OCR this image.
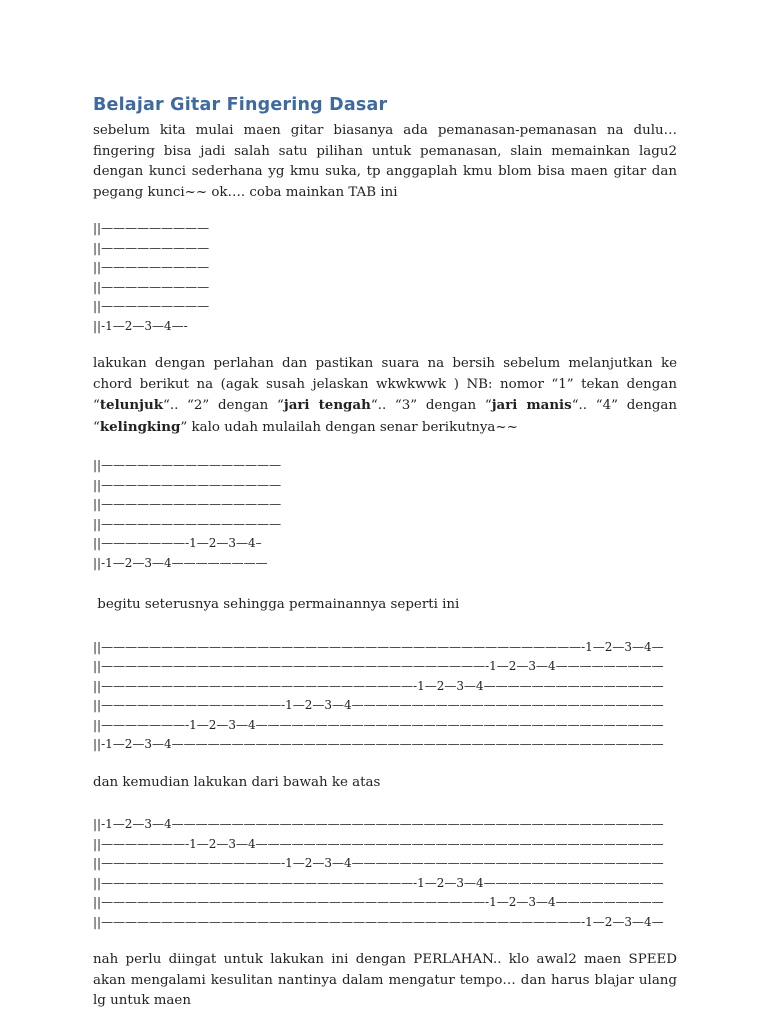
Belajar Gitar Fingering Dasar

sebelum kita mulai maen gitar biasanya ada pemanasan-pemanasan na dulu… fingering bisa jadi salah satu pilihan untuk pemanasan, slain memainkan lagu2 dengan kunci sederhana yg kmu suka, tp anggaplah kmu blom bisa maen gitar dan pegang kunci~~ ok…. coba mainkan TAB ini

||—————————
||—————————
||—————————
||—————————
||—————————
||-1—2—3—4—-

lakukan dengan perlahan dan pastikan suara na bersih sebelum melanjutkan ke chord berikut na (agak susah jelaskan wkwkwwk ) NB: nomor “1” tekan dengan “telunjuk“.. “2” dengan “jari tengah“.. “3” dengan “jari manis“.. “4” dengan “kelingking” kalo udah mulailah dengan senar berikutnya~~

||———————————————
||———————————————
||———————————————
||———————————————
||———————-1—2—3—4–
||-1—2—3—4————————

begitu seterusnya sehingga permainannya seperti ini

||————————————————————————————————————————-1—2—3—4—
||————————————————————————————————-1—2—3—4—————————
||——————————————————————————-1—2—3—4———————————————
||———————————————-1—2—3—4——————————————————————————
||———————-1—2—3—4——————————————————————————————————
||-1—2—3—4—————————————————————————————————————————

dan kemudian lakukan dari bawah ke atas

||-1—2—3—4—————————————————————————————————————————
||———————-1—2—3—4——————————————————————————————————
||———————————————-1—2—3—4——————————————————————————
||——————————————————————————-1—2—3—4———————————————
||————————————————————————————————-1—2—3—4—————————
||————————————————————————————————————————-1—2—3—4—

nah perlu diingat untuk lakukan ini dengan PERLAHAN.. klo awal2 maen SPEED akan mengalami kesulitan nantinya dalam mengatur tempo… dan harus blajar ulang lg untuk maen
